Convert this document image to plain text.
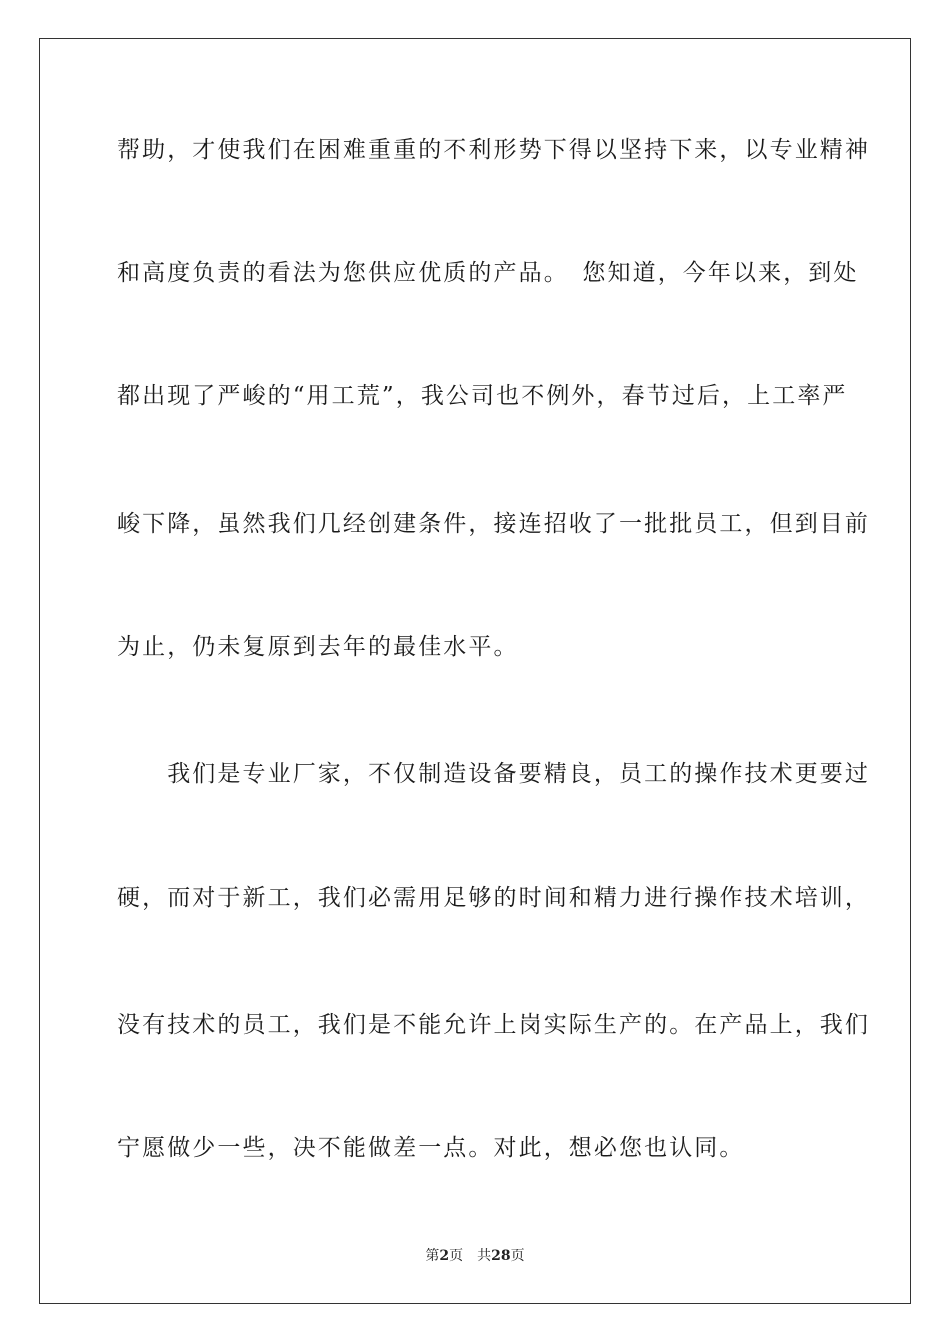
帮助，才使我们在困难重重的不利形势下得以坚持下来，以专业精神
和高度负责的看法为您供应优质的产品。　您知道，今年以来，到处
都出现了严峻的“用工荒”，我公司也不例外，春节过后，上工率严
峻下降，虽然我们几经创建条件，接连招收了一批批员工，但到目前
为止，仍未复原到去年的最佳水平。
　　我们是专业厂家，不仅制造设备要精良，员工的操作技术更要过
硬，而对于新工，我们必需用足够的时间和精力进行操作技术培训，
没有技术的员工，我们是不能允许上岗实际生产的。在产品上，我们
宁愿做少一些，决不能做差一点。对此，想必您也认同。
第2页 共28页
